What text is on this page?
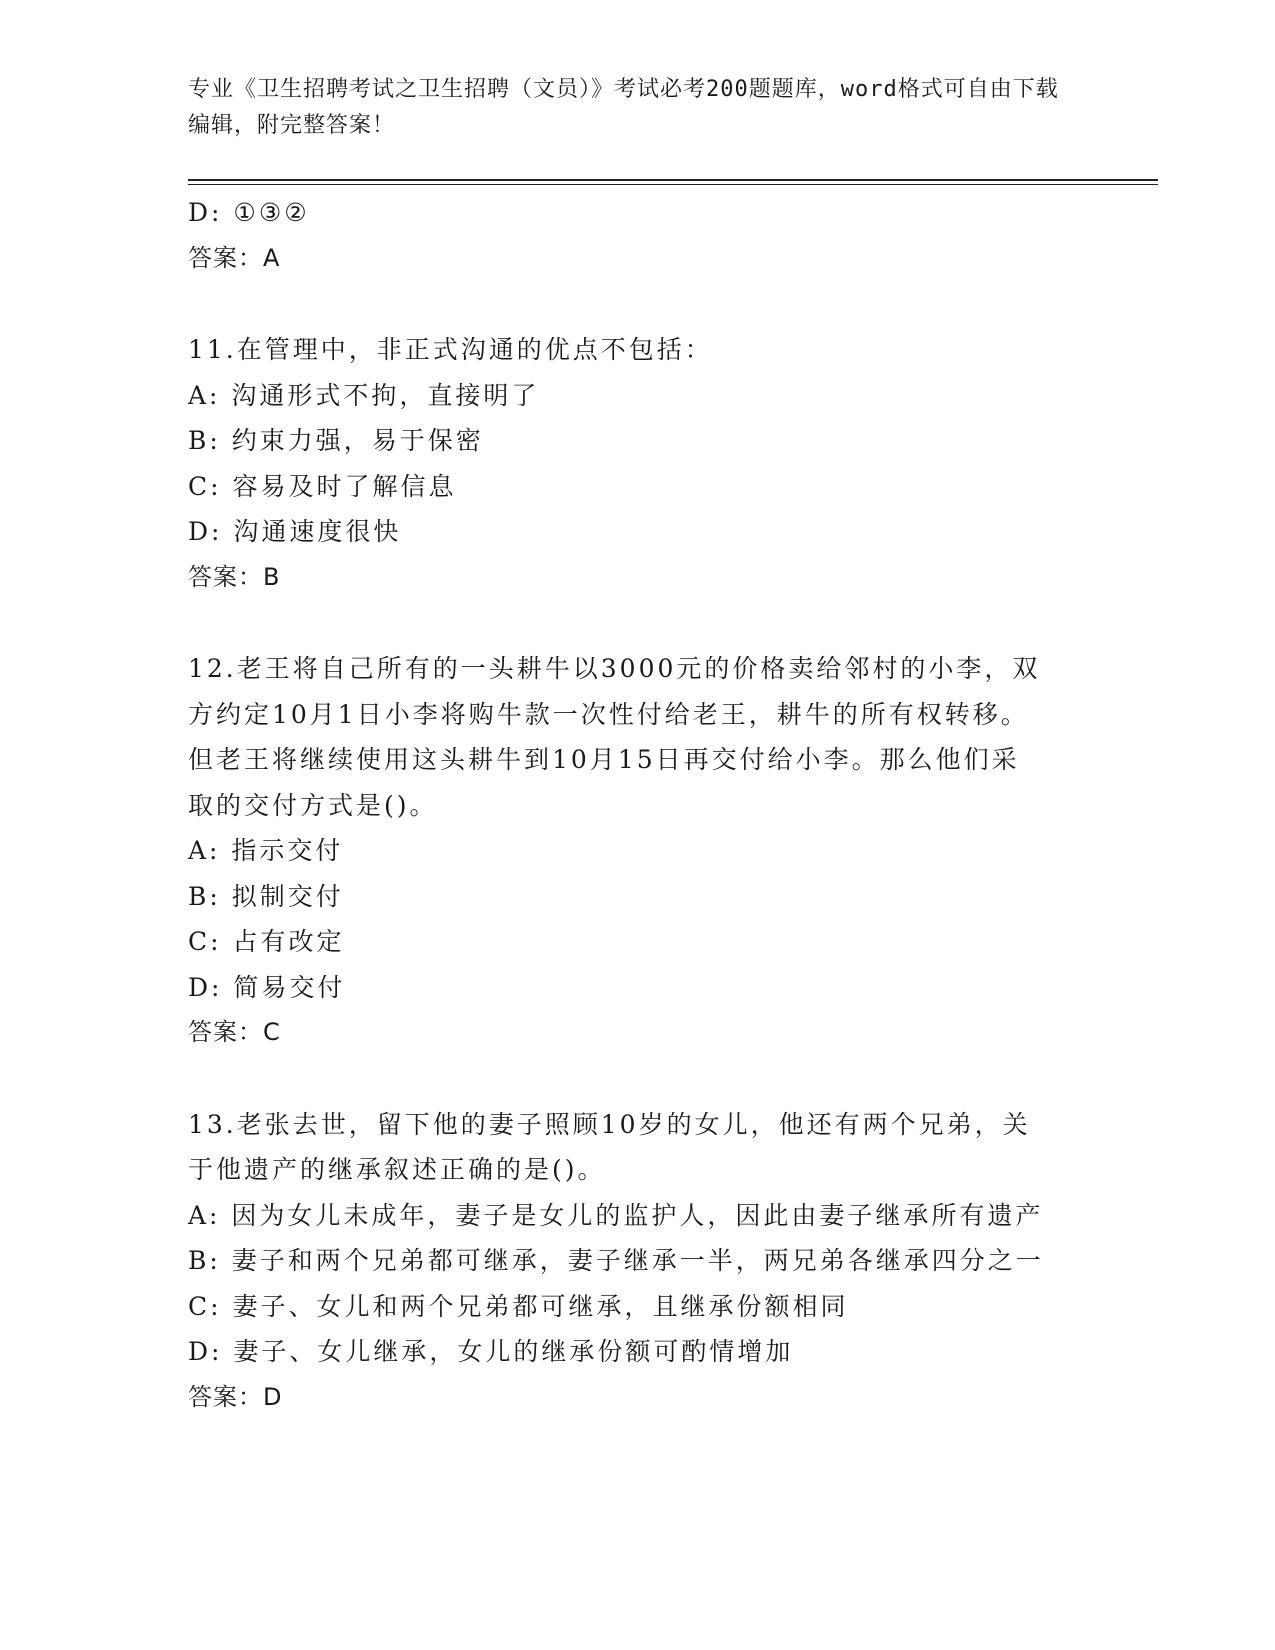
专业《卫生招聘考试之卫生招聘（文员）》考试必考200题题库，word格式可自由下载编辑，附完整答案！
D: ①③②
答案：A
11.在管理中，非正式沟通的优点不包括：
A: 沟通形式不拘，直接明了
B: 约束力强，易于保密
C: 容易及时了解信息
D: 沟通速度很快
答案：B
12.老王将自己所有的一头耕牛以3000元的价格卖给邻村的小李，双
方约定10月1日小李将购牛款一次性付给老王，耕牛的所有权转移。
但老王将继续使用这头耕牛到10月15日再交付给小李。那么他们采
取的交付方式是()。
A: 指示交付
B: 拟制交付
C: 占有改定
D: 简易交付
答案：C
13.老张去世，留下他的妻子照顾10岁的女儿，他还有两个兄弟，关
于他遗产的继承叙述正确的是()。
A: 因为女儿未成年，妻子是女儿的监护人，因此由妻子继承所有遗产
B: 妻子和两个兄弟都可继承，妻子继承一半，两兄弟各继承四分之一
C: 妻子、女儿和两个兄弟都可继承，且继承份额相同
D: 妻子、女儿继承，女儿的继承份额可酌情增加
答案：D
